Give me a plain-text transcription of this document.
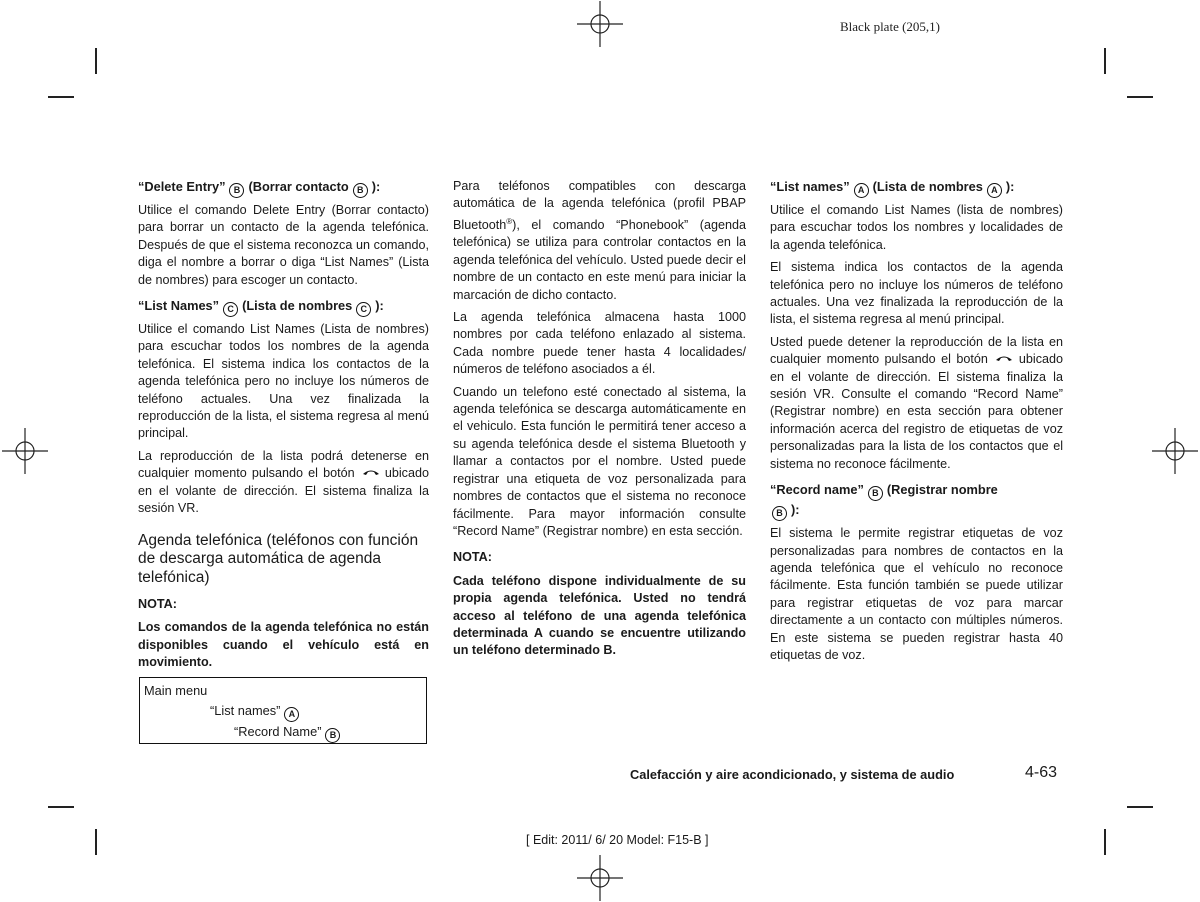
Black plate (205,1)
“Delete Entry” B (Borrar contacto B ):

Utilice el comando Delete Entry (Borrar contacto) para borrar un contacto de la agenda telefónica. Después de que el sistema reconozca un comando, diga el nombre a borrar o diga “List Names” (Lista de nombres) para escoger un contacto.

“List Names” C (Lista de nombres C ):

Utilice el comando List Names (Lista de nombres) para escuchar todos los nombres de la agenda telefónica. El sistema indica los contactos de la agenda telefónica pero no incluye los números de teléfono actuales. Una vez finalizada la reproducción de la lista, el sistema regresa al menú principal.

La reproducción de la lista podrá detenerse en cualquier momento pulsando el botón ubicado en el volante de dirección. El sistema finaliza la sesión VR.

Agenda telefónica (teléfonos con función de descarga automática de agenda telefónica)

NOTA:

Los comandos de la agenda telefónica no están disponibles cuando el vehículo está en movimiento.

Main menu
“List names” A
“Record Name” B

Para teléfonos compatibles con descarga automática de la agenda telefónica (profil PBAP Bluetooth®), el comando “Phonebook” (agenda telefónica) se utiliza para controlar contactos en la agenda telefónica del vehículo. Usted puede decir el nombre de un contacto en este menú para iniciar la marcación de dicho contacto.

La agenda telefónica almacena hasta 1000 nombres por cada teléfono enlazado al sistema. Cada nombre puede tener hasta 4 localidades/ números de teléfono asociados a él.

Cuando un telefono esté conectado al sistema, la agenda telefónica se descarga automáticamente en el vehiculo. Esta función le permitirá tener acceso a su agenda telefónica desde el sistema Bluetooth y llamar a contactos por el nombre. Usted puede registrar una etiqueta de voz personalizada para nombres de contactos que el sistema no reconoce fácilmente. Para mayor información consulte “Record Name” (Registrar nombre) en esta sección.

NOTA:

Cada teléfono dispone individualmente de su propia agenda telefónica. Usted no tendrá acceso al teléfono de una agenda telefónica determinada A cuando se encuentre utilizando un teléfono determinado B.

“List names” A (Lista de nombres A ):

Utilice el comando List Names (lista de nombres) para escuchar todos los nombres y localidades de la agenda telefónica.

El sistema indica los contactos de la agenda telefónica pero no incluye los números de teléfono actuales. Una vez finalizada la reproducción de la lista, el sistema regresa al menú principal.

Usted puede detener la reproducción de la lista en cualquier momento pulsando el botón ubicado en el volante de dirección. El sistema finaliza la sesión VR. Consulte el comando “Record Name” (Registrar nombre) en esta sección para obtener información acerca del registro de etiquetas de voz personalizadas para la lista de los contactos que el sistema no reconoce fácilmente.

“Record name” B (Registrar nombre
B ):

El sistema le permite registrar etiquetas de voz personalizadas para nombres de contactos en la agenda telefónica que el vehículo no reconoce fácilmente. Esta función también se puede utilizar para registrar etiquetas de voz para marcar directamente a un contacto con múltiples números. En este sistema se pueden registrar hasta 40 etiquetas de voz.

Calefacción y aire acondicionado, y sistema de audio	4-63
[ Edit: 2011/ 6/ 20 Model: F15-B ]
